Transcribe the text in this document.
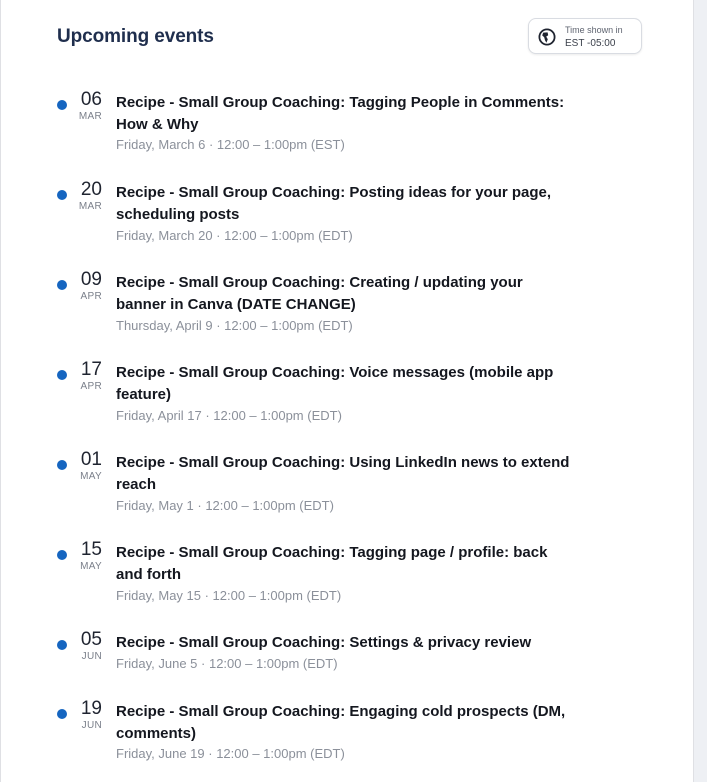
Upcoming events	Time shown in
EST -05:00
06
MAR
Recipe - Small Group Coaching: Tagging People in Comments: How & Why
Friday, March 6 · 12:00 – 1:00pm (EST)
20
MAR
Recipe - Small Group Coaching: Posting ideas for your page, scheduling posts
Friday, March 20 · 12:00 – 1:00pm (EDT)
09
APR
Recipe - Small Group Coaching: Creating / updating your banner in Canva (DATE CHANGE)
Thursday, April 9 · 12:00 – 1:00pm (EDT)
17
APR
Recipe - Small Group Coaching: Voice messages (mobile app feature)
Friday, April 17 · 12:00 – 1:00pm (EDT)
01
MAY
Recipe - Small Group Coaching: Using LinkedIn news to extend reach
Friday, May 1 · 12:00 – 1:00pm (EDT)
15
MAY
Recipe - Small Group Coaching: Tagging page / profile: back and forth
Friday, May 15 · 12:00 – 1:00pm (EDT)
05
JUN
Recipe - Small Group Coaching: Settings & privacy review
Friday, June 5 · 12:00 – 1:00pm (EDT)
19
JUN
Recipe - Small Group Coaching: Engaging cold prospects (DM, comments)
Friday, June 19 · 12:00 – 1:00pm (EDT)
